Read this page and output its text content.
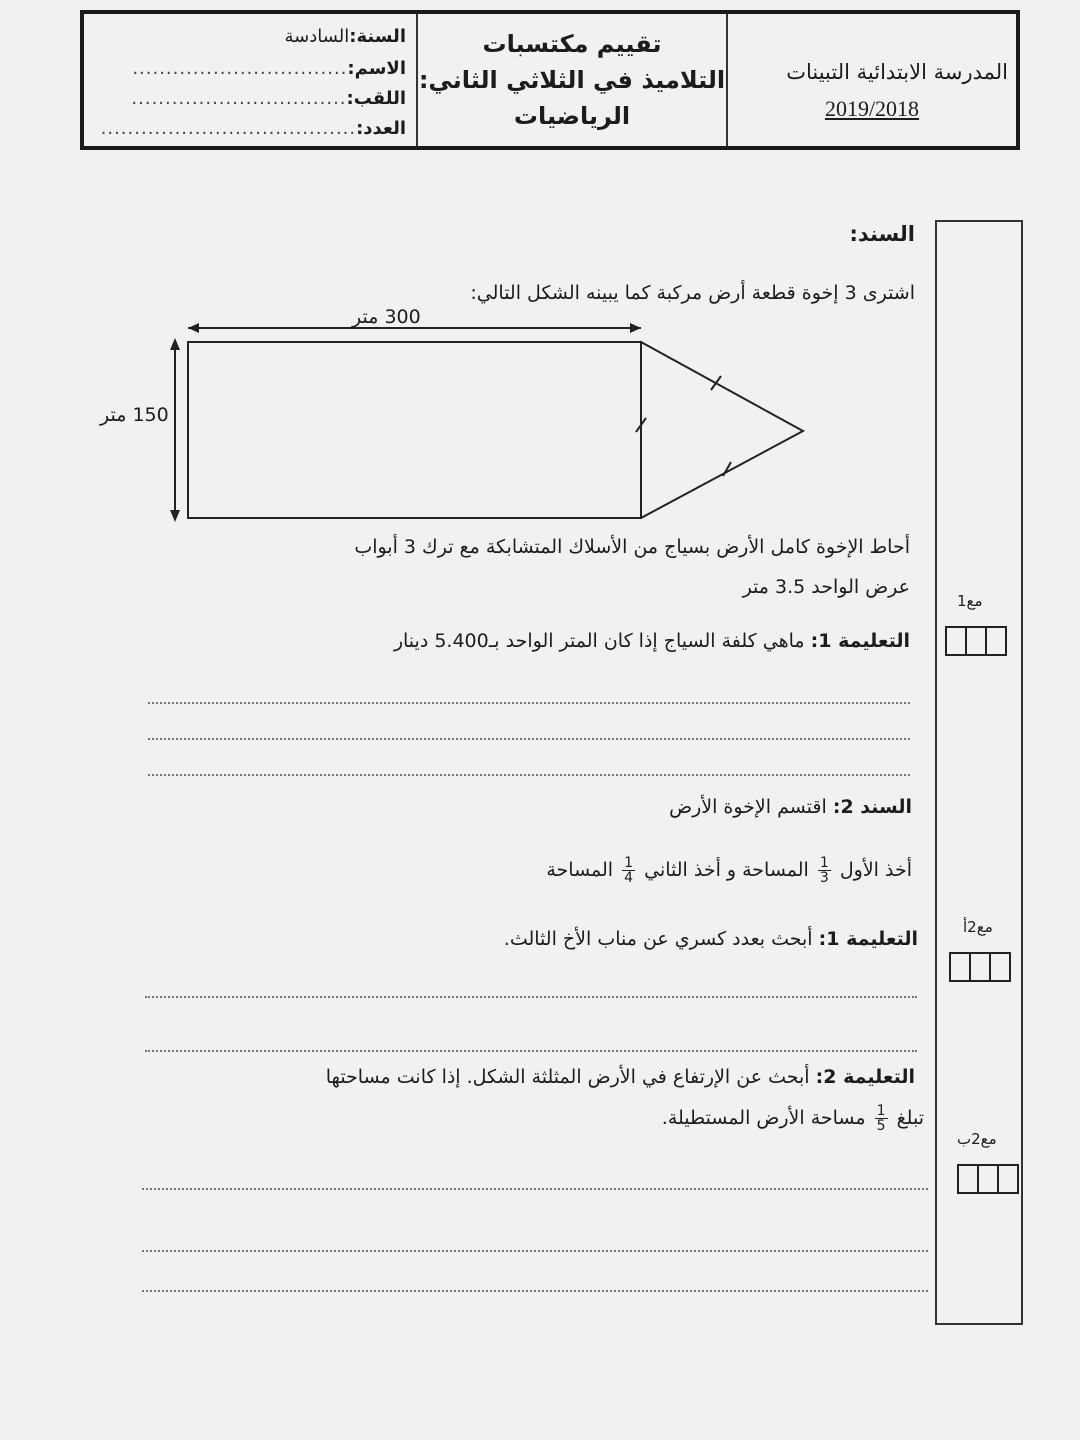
المدرسة الابتدائية التبينات
2019/2018
تقييم مكتسبات
التلاميذ في الثلاثي الثاني:
الرياضيات
السنة:
السادسة
الاسم:
................................
اللقب:
................................
العدد:
......................................
مع1
مع2أ
مع2ب
السند:
اشترى 3 إخوة قطعة أرض مركبة كما يبينه الشكل التالي:
300 متر
150 متر
أحاط الإخوة كامل الأرض بسياج من الأسلاك المتشابكة مع ترك 3 أبواب
عرض الواحد 3.5 متر
التعليمة 1: ماهي كلفة السياج إذا كان المتر الواحد بـ5.400 دينار
السند 2: اقتسم الإخوة الأرض
أخذ الأول
$\frac{1}{3}$
المساحة و أخذ الثاني
$\frac{1}{4}$
المساحة
التعليمة 1: أبحث بعدد كسري عن مناب الأخ الثالث.
التعليمة 2: أبحث عن الإرتفاع في الأرض المثلثة الشكل. إذا كانت مساحتها
تبلغ
$\frac{1}{5}$
مساحة الأرض المستطيلة.
